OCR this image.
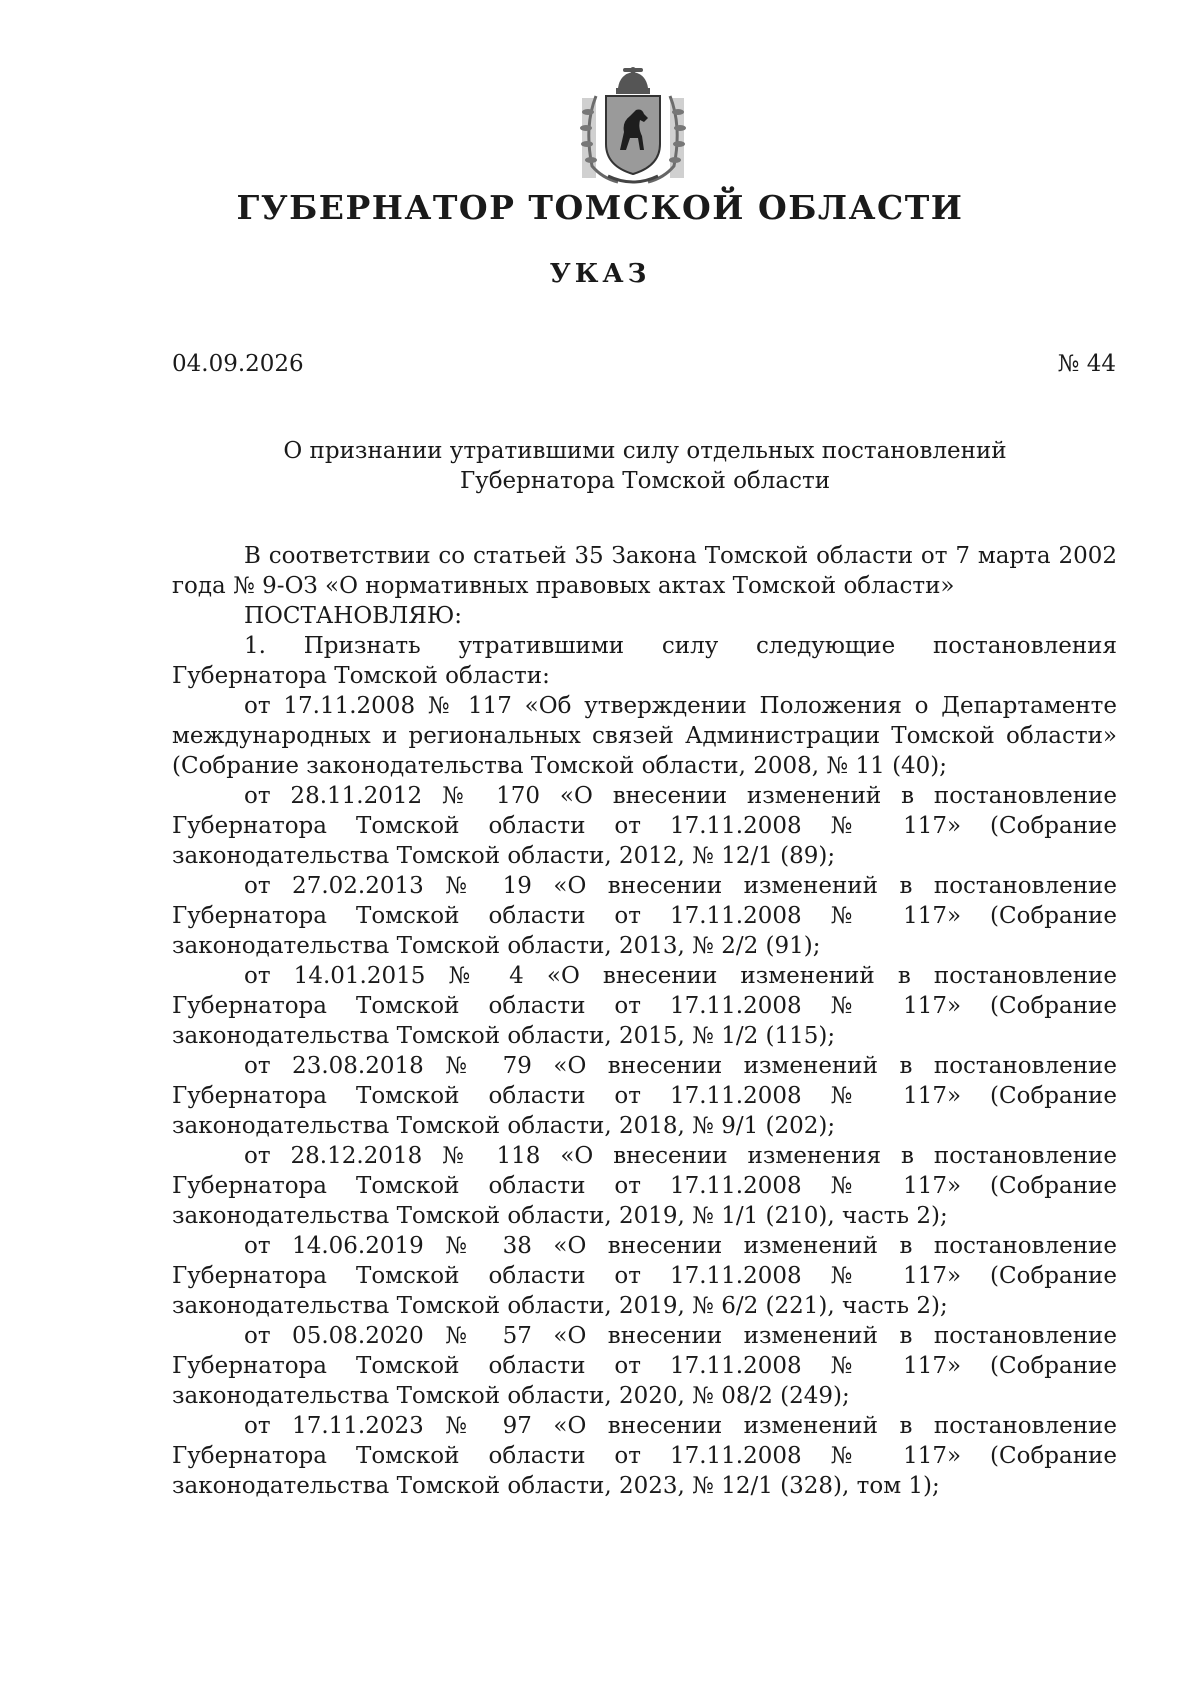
ГУБЕРНАТОР ТОМСКОЙ ОБЛАСТИ
УКАЗ
04.09.2026	№ 44
О признании утратившими силу отдельных постановлений
Губернатора Томской области

В соответствии со статьей 35 Закона Томской области от 7 марта 2002 года № 9-ОЗ «О нормативных правовых актах Томской области»

ПОСТАНОВЛЯЮ:

1. Признать утратившими силу следующие постановления Губернатора Томской области:

от 17.11.2008 № 117 «Об утверждении Положения о Департаменте международных и региональных связей Администрации Томской области» (Собрание законодательства Томской области, 2008, № 11 (40);

от 28.11.2012 № 170 «О внесении изменений в постановление Губернатора Томской области от 17.11.2008 № 117» (Собрание законодательства Томской области, 2012, № 12/1 (89);

от 27.02.2013 № 19 «О внесении изменений в постановление Губернатора Томской области от 17.11.2008 № 117» (Собрание законодательства Томской области, 2013, № 2/2 (91);

от 14.01.2015 № 4 «О внесении изменений в постановление Губернатора Томской области от 17.11.2008 № 117» (Собрание законодательства Томской области, 2015, № 1/2 (115);

от 23.08.2018 № 79 «О внесении изменений в постановление Губернатора Томской области от 17.11.2008 № 117» (Собрание законодательства Томской области, 2018, № 9/1 (202);

от 28.12.2018 № 118 «О внесении изменения в постановление Губернатора Томской области от 17.11.2008 № 117» (Собрание законодательства Томской области, 2019, № 1/1 (210), часть 2);

от 14.06.2019 № 38 «О внесении изменений в постановление Губернатора Томской области от 17.11.2008 № 117» (Собрание законодательства Томской области, 2019, № 6/2 (221), часть 2);

от 05.08.2020 № 57 «О внесении изменений в постановление Губернатора Томской области от 17.11.2008 № 117» (Собрание законодательства Томской области, 2020, № 08/2 (249);

от 17.11.2023 № 97 «О внесении изменений в постановление Губернатора Томской области от 17.11.2008 № 117» (Собрание законодательства Томской области, 2023, № 12/1 (328), том 1);
